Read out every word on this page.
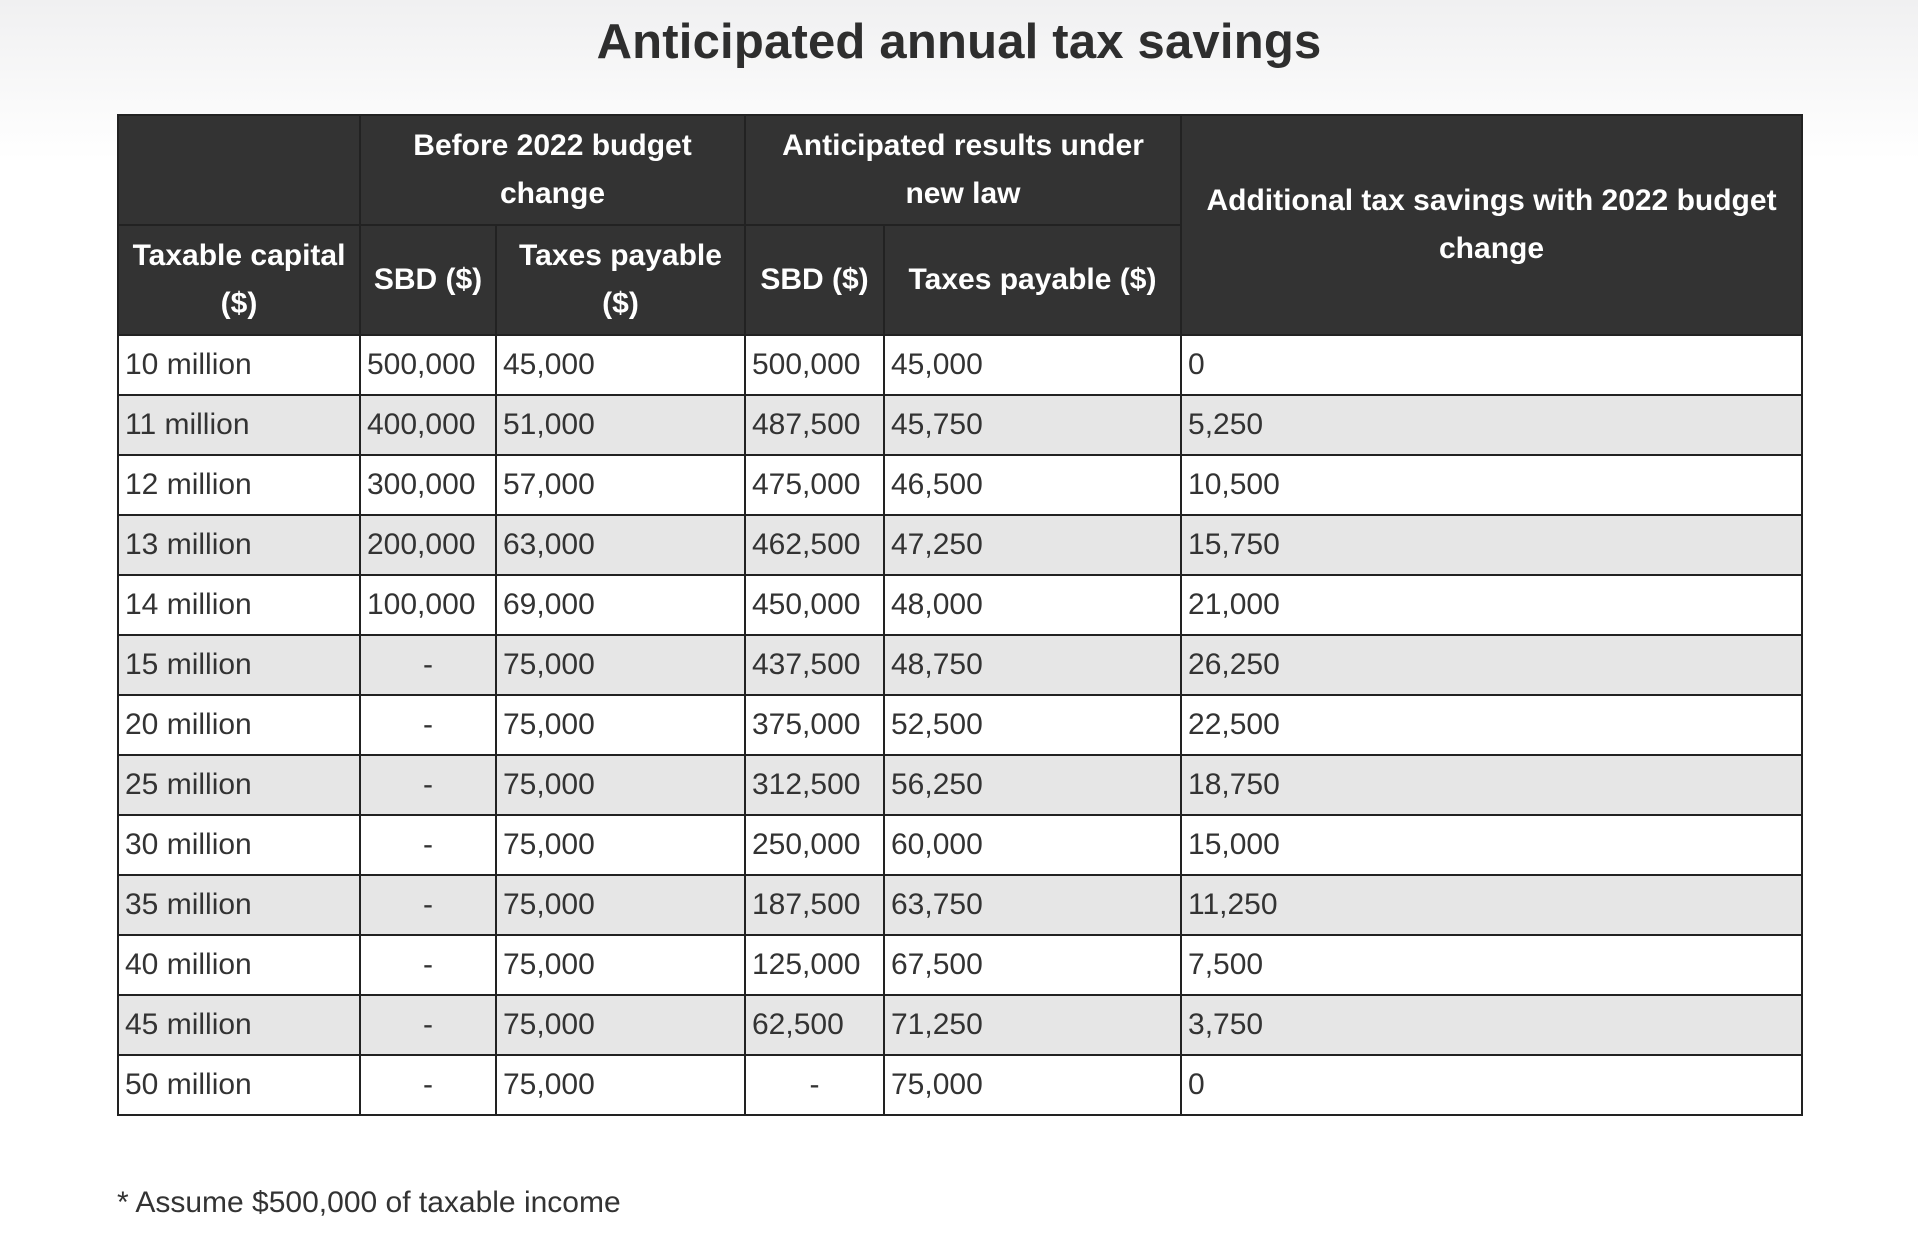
Anticipated annual tax savings
	Before 2022 budget change		Anticipated results under new law		Additional tax savings with 2022 budget change
Taxable capital ($)	SBD ($)	Taxes payable ($)	SBD ($)	Taxes payable ($)	
10 million	500,000	45,000	500,000	45,000	0
11 million	400,000	51,000	487,500	45,750	5,250
12 million	300,000	57,000	475,000	46,500	10,500
13 million	200,000	63,000	462,500	47,250	15,750
14 million	100,000	69,000	450,000	48,000	21,000
15 million	-	75,000	437,500	48,750	26,250
20 million	-	75,000	375,000	52,500	22,500
25 million	-	75,000	312,500	56,250	18,750
30 million	-	75,000	250,000	60,000	15,000
35 million	-	75,000	187,500	63,750	11,250
40 million	-	75,000	125,000	67,500	7,500
45 million	-	75,000	62,500	71,250	3,750
50 million	-	75,000	-	75,000	0
* Assume $500,000 of taxable income
